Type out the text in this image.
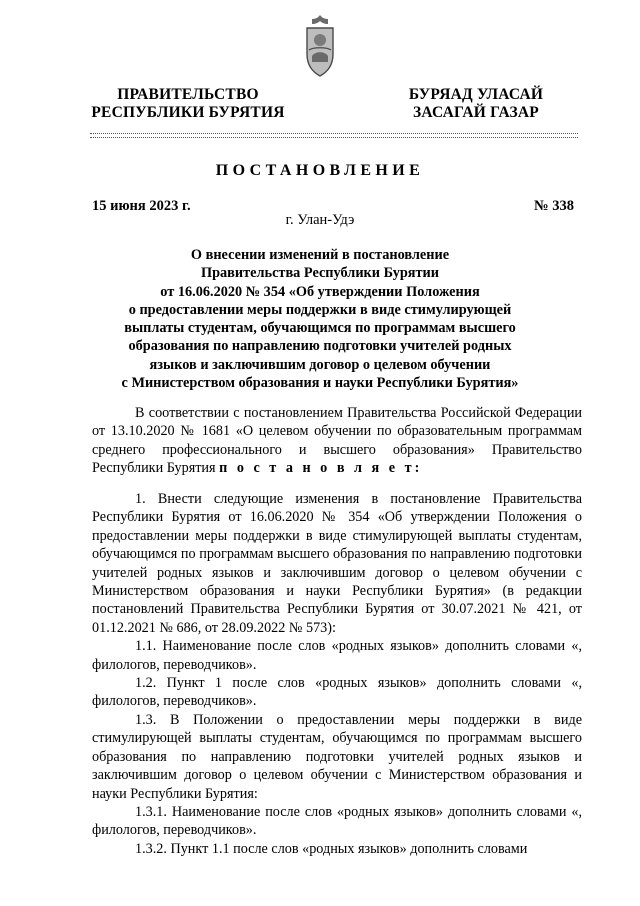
ПРАВИТЕЛЬСТВО
РЕСПУБЛИКИ БУРЯТИЯ
БУРЯАД УЛАСАЙ
ЗАСАГАЙ ГАЗАР
ПОСТАНОВЛЕНИЕ
15 июня 2023 г.	№ 338
г. Улан-Удэ
О внесении изменений в постановление
Правительства Республики Бурятии
от 16.06.2020 № 354 «Об утверждении Положения
о предоставлении меры поддержки в виде стимулирующей
выплаты студентам, обучающимся по программам высшего
образования по направлению подготовки учителей родных
языков и заключившим договор о целевом обучении
с Министерством образования и науки Республики Бурятия»

В соответствии с постановлением Правительства Российской Федерации от 13.10.2020 № 1681 «О целевом обучении по образовательным программам среднего профессионального и высшего образования» Правительство Республики Бурятия п о с т а н о в л я е т:

1. Внести следующие изменения в постановление Правительства Республики Бурятия от 16.06.2020 № 354 «Об утверждении Положения о предоставлении меры поддержки в виде стимулирующей выплаты студентам, обучающимся по программам высшего образования по направлению подготовки учителей родных языков и заключившим договор о целевом обучении с Министерством образования и науки Республики Бурятия» (в редакции постановлений Правительства Республики Бурятия от 30.07.2021 № 421, от 01.12.2021 № 686, от 28.09.2022 № 573):

1.1. Наименование после слов «родных языков» дополнить словами «, филологов, переводчиков».

1.2. Пункт 1 после слов «родных языков» дополнить словами «, филологов, переводчиков».

1.3. В Положении о предоставлении меры поддержки в виде стимулирующей выплаты студентам, обучающимся по программам высшего образования по направлению подготовки учителей родных языков и заключившим договор о целевом обучении с Министерством образования и науки Республики Бурятия:

1.3.1. Наименование после слов «родных языков» дополнить словами «, филологов, переводчиков».

1.3.2. Пункт 1.1 после слов «родных языков» дополнить словами
